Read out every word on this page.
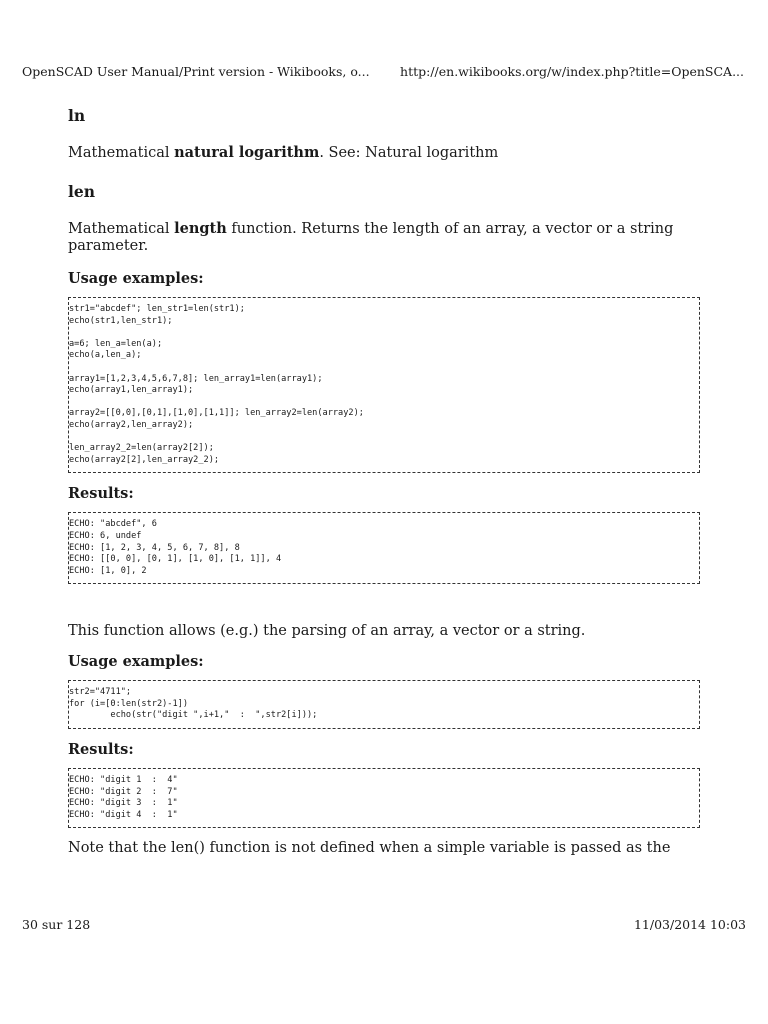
OpenSCAD User Manual/Print version - Wikibooks, o... http://en.wikibooks.org/w/index.php?title=OpenSCA...
ln

Mathematical natural logarithm. See: Natural logarithm

len

Mathematical length function. Returns the length of an array, a vector or a string parameter.

Usage examples:
str1="abcdef"; len_str1=len(str1);
echo(str1,len_str1);

a=6; len_a=len(a);
echo(a,len_a);

array1=[1,2,3,4,5,6,7,8]; len_array1=len(array1);
echo(array1,len_array1);

array2=[[0,0],[0,1],[1,0],[1,1]]; len_array2=len(array2);
echo(array2,len_array2);

len_array2_2=len(array2[2]);
echo(array2[2],len_array2_2);
Results:
ECHO: "abcdef", 6
ECHO: 6, undef
ECHO: [1, 2, 3, 4, 5, 6, 7, 8], 8
ECHO: [[0, 0], [0, 1], [1, 0], [1, 1]], 4
ECHO: [1, 0], 2

This function allows (e.g.) the parsing of an array, a vector or a string.

Usage examples:
str2="4711";
for (i=[0:len(str2)-1])
echo(str("digit ",i+1,"  :  ",str2[i]));
Results:
ECHO: "digit 1  :  4"
ECHO: "digit 2  :  7"
ECHO: "digit 3  :  1"
ECHO: "digit 4  :  1"

Note that the len() function is not defined when a simple variable is passed as the

30 sur 128	11/03/2014 10:03
